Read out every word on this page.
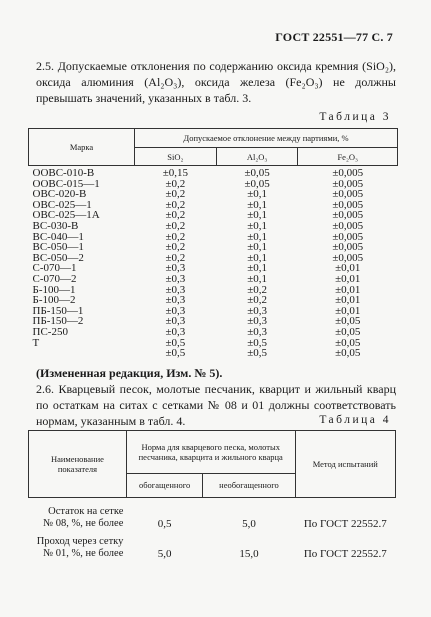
ГОСТ 22551—77 С. 7
2.5. Допускаемые отклонения по содержанию оксида кремния (SiO₂), оксида алюминия (Al₂O₃), оксида железа (Fe₂O₃) не должны превышать значений, указанных в табл. 3.
Таблица 3
Марка	Допускаемое отклонение между партиями, %		
	SiO₂	Al₂O₃	Fe₂O₃
ООВС-010-В	±0,15	±0,05	±0,005
ООВС-015—1	±0,2	±0,05	±0,005
ОВС-020-В	±0,2	±0,1	±0,005
ОВС-025—1	±0,2	±0,1	±0,005
ОВС-025—1А	±0,2	±0,1	±0,005
ВС-030-В	±0,2	±0,1	±0,005
ВС-040—1	±0,2	±0,1	±0,005
ВС-050—1	±0,2	±0,1	±0,005
ВС-050—2	±0,2	±0,1	±0,005
С-070—1	±0,3	±0,1	±0,01
С-070—2	±0,3	±0,1	±0,01
Б-100—1	±0,3	±0,2	±0,01
Б-100—2	±0,3	±0,2	±0,01
ПБ-150—1	±0,3	±0,3	±0,01
ПБ-150—2	±0,3	±0,3	±0,05
ПС-250	±0,3	±0,3	±0,05
Т	±0,5	±0,5	±0,05
	±0,5	±0,5	±0,05
(Измененная редакция, Изм. № 5).
2.6. Кварцевый песок, молотые песчаник, кварцит и жильный кварц по остаткам на ситах с сетками № 08 и 01 должны соответствовать нормам, указанным в табл. 4.	Таблица 4
Наименование показателя	Норма для кварцевого песка, молотых песчаника, кварцита и жильного кварца		Метод испытаний
	обогащенного	необогащенного	

Остаток на сетке
№ 08, %, не более	0,5	5,0	По ГОСТ 22552.7

Проход через сетку
№ 01, %, не более	5,0	15,0	По ГОСТ 22552.7
